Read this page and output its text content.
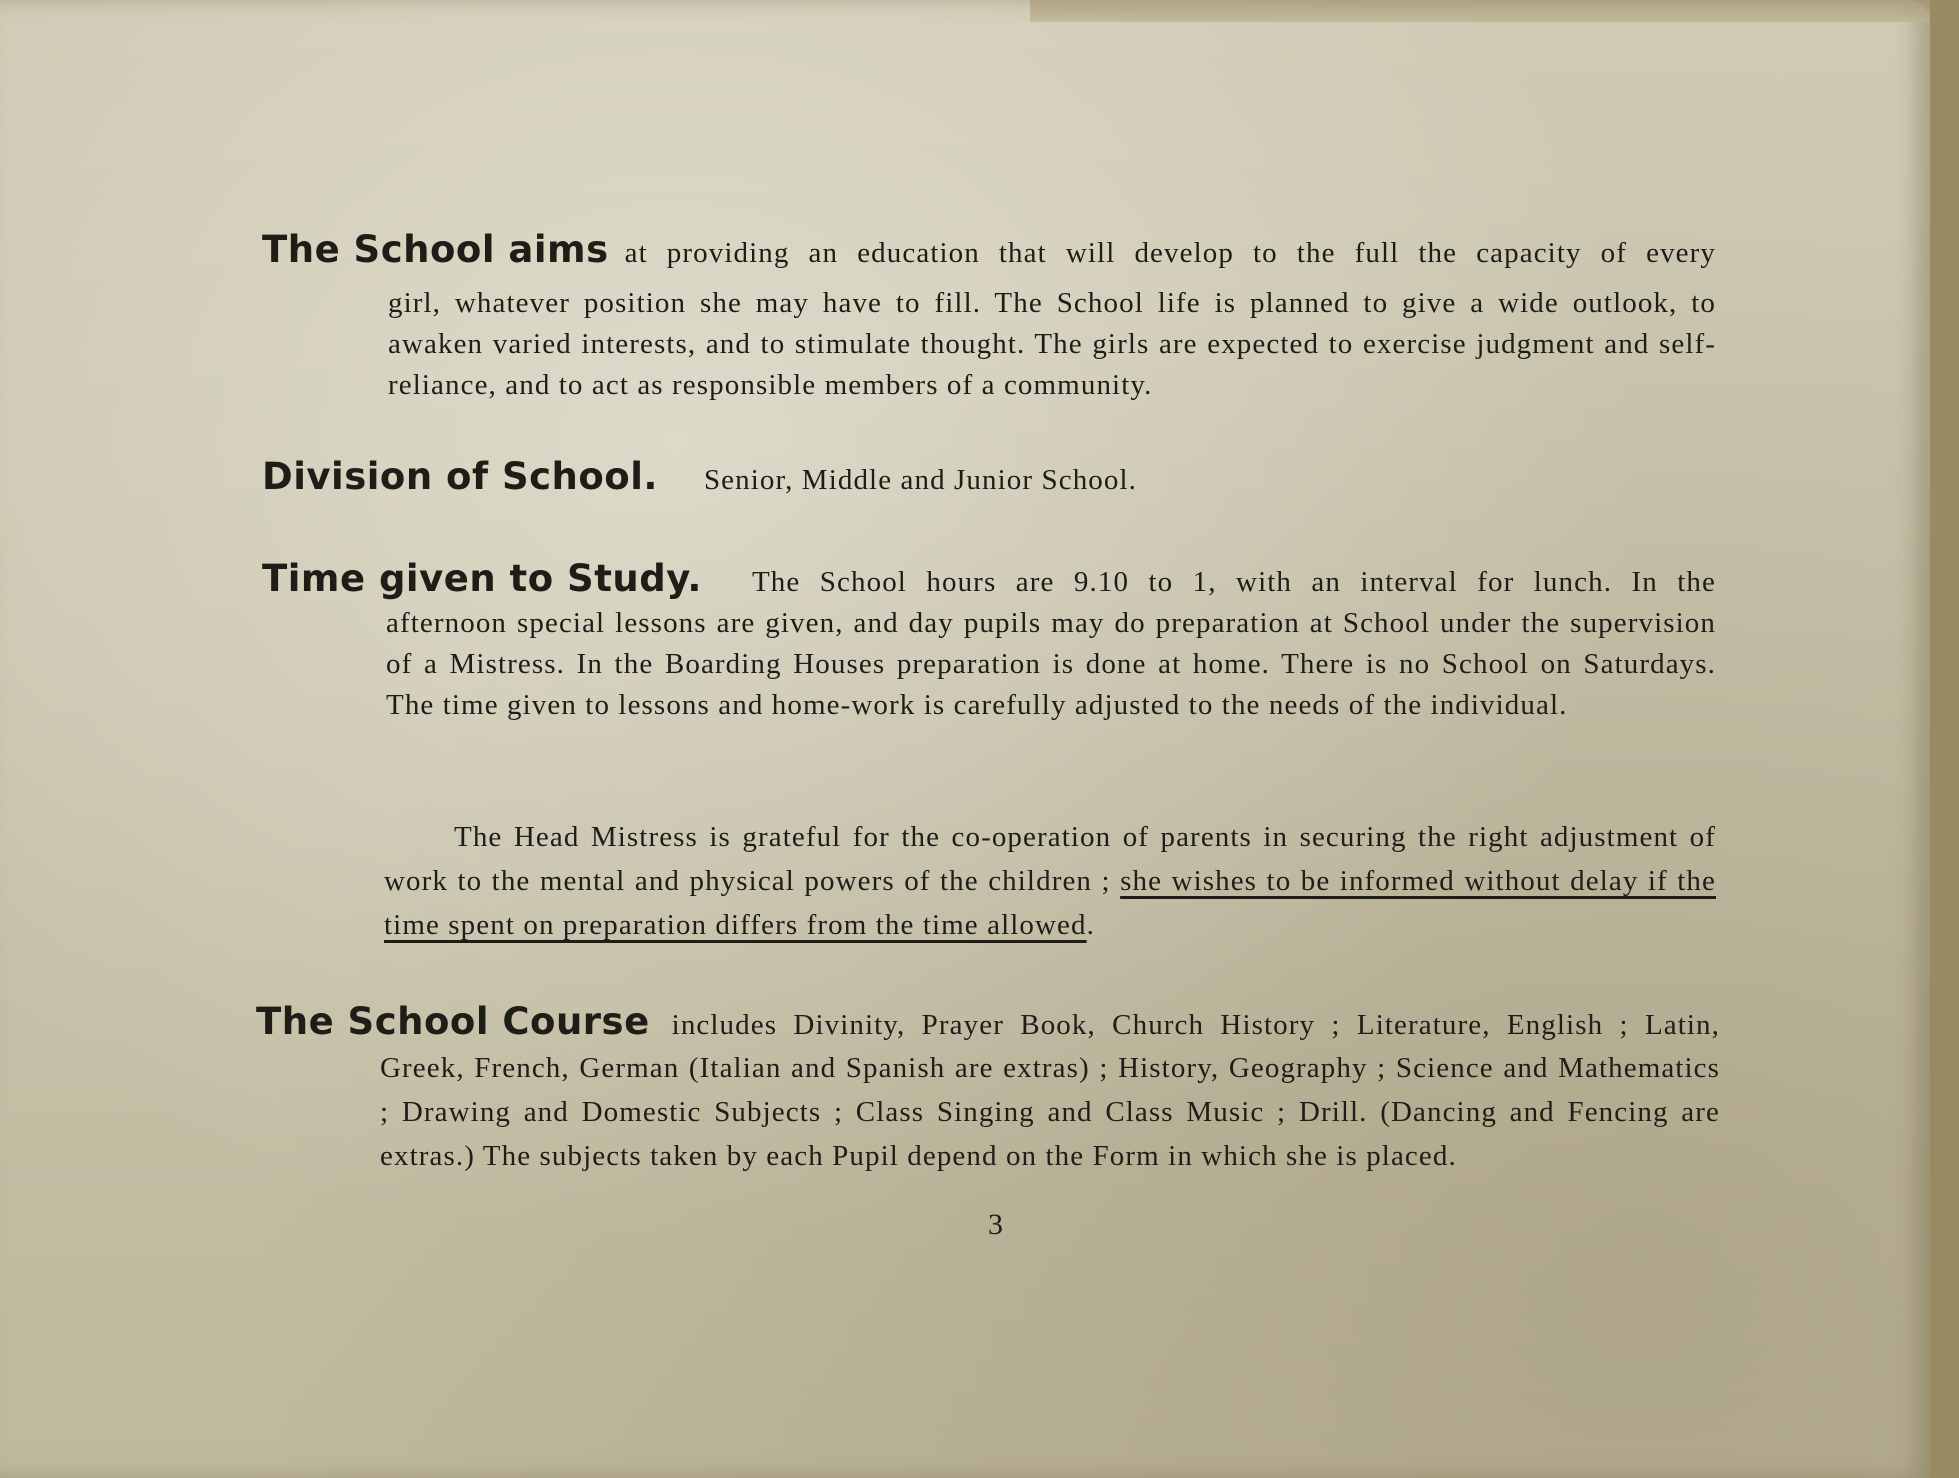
The School aims at providing an education that will develop to the full the capacity of every
girl, whatever position she may have to fill. The School life is planned to give a wide outlook, to awaken varied interests, and to stimulate thought. The girls are expected to exercise judgment and self-reliance, and to act as responsible members of a community.
Division of School. Senior, Middle and Junior School.
Time given to Study. The School hours are 9.10 to 1, with an interval for lunch. In the
afternoon special lessons are given, and day pupils may do preparation at School under the supervision of a Mistress. In the Boarding Houses preparation is done at home. There is no School on Saturdays. The time given to lessons and home-work is carefully adjusted to the needs of the individual.
The Head Mistress is grateful for the co-operation of parents in securing the right adjustment of work to the mental and physical powers of the children ; she wishes to be informed without delay if the time spent on preparation differs from the time allowed.
The School Course includes Divinity, Prayer Book, Church History ; Literature, English ; Latin,
Greek, French, German (Italian and Spanish are extras) ; History, Geography ; Science and Mathematics ; Drawing and Domestic Subjects ; Class Singing and Class Music ; Drill. (Dancing and Fencing are extras.) The subjects taken by each Pupil depend on the Form in which she is placed.
3
